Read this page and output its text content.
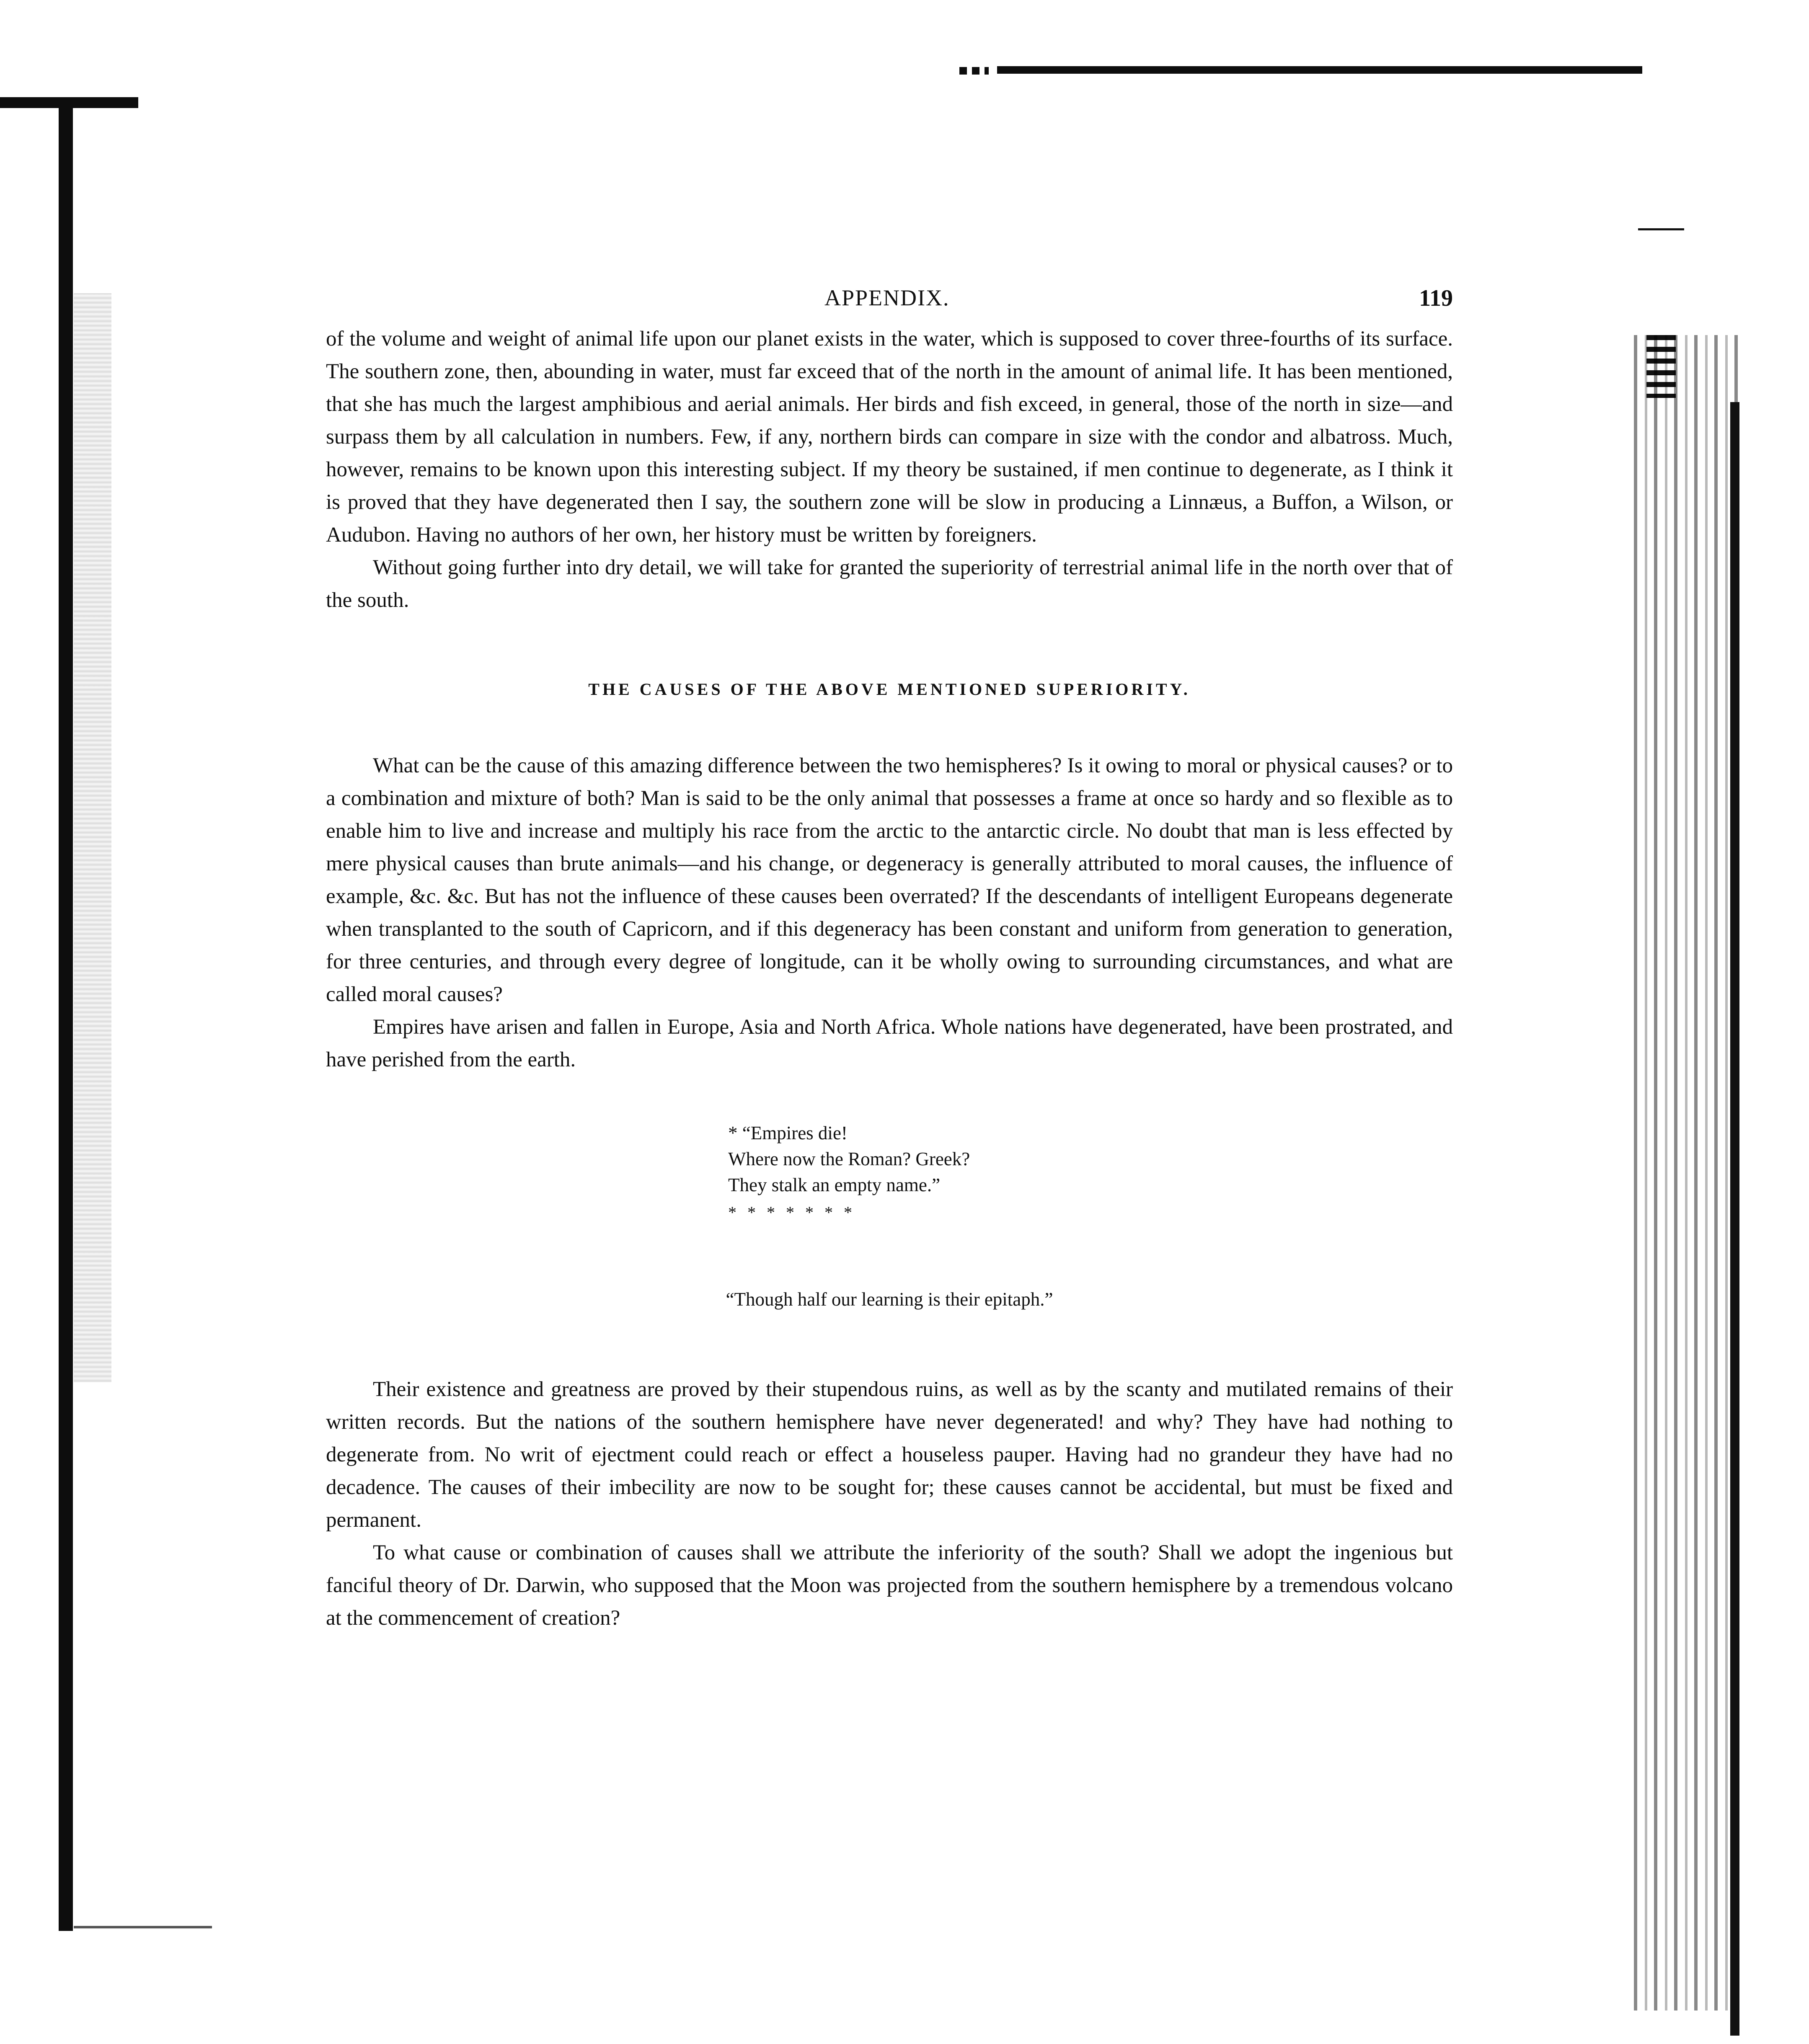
APPENDIX.	119

of the volume and weight of animal life upon our planet exists in the water, which is supposed to cover three-fourths of its surface. The southern zone, then, abounding in water, must far exceed that of the north in the amount of animal life. It has been mentioned, that she has much the largest amphibious and aerial animals. Her birds and fish exceed, in general, those of the north in size—and surpass them by all calculation in numbers. Few, if any, northern birds can compare in size with the condor and albatross. Much, however, remains to be known upon this interesting subject. If my theory be sustained, if men continue to degenerate, as I think it is proved that they have degenerated then I say, the southern zone will be slow in producing a Linnæus, a Buffon, a Wilson, or Audubon. Having no authors of her own, her history must be written by foreigners.

Without going further into dry detail, we will take for granted the superiority of terrestrial animal life in the north over that of the south.

THE CAUSES OF THE ABOVE MENTIONED SUPERIORITY.

What can be the cause of this amazing difference between the two hemispheres? Is it owing to moral or physical causes? or to a combination and mixture of both? Man is said to be the only animal that possesses a frame at once so hardy and so flexible as to enable him to live and increase and multiply his race from the arctic to the antarctic circle. No doubt that man is less effected by mere physical causes than brute animals—and his change, or degeneracy is generally attributed to moral causes, the influence of example, &c. &c. But has not the influence of these causes been overrated? If the descendants of intelligent Europeans degenerate when transplanted to the south of Capricorn, and if this degeneracy has been constant and uniform from generation to generation, for three centuries, and through every degree of longitude, can it be wholly owing to surrounding circumstances, and what are called moral causes?

Empires have arisen and fallen in Europe, Asia and North Africa. Whole nations have degenerated, have been prostrated, and have perished from the earth.

* “Empires die!
Where now the Roman? Greek?
They stalk an empty name.”
* * * * * * *
“Though half our learning is their epitaph.”

Their existence and greatness are proved by their stupendous ruins, as well as by the scanty and mutilated remains of their written records. But the nations of the southern hemisphere have never degenerated! and why? They have had nothing to degenerate from. No writ of ejectment could reach or effect a houseless pauper. Having had no grandeur they have had no decadence. The causes of their imbecility are now to be sought for; these causes cannot be accidental, but must be fixed and permanent.

To what cause or combination of causes shall we attribute the inferiority of the south? Shall we adopt the ingenious but fanciful theory of Dr. Darwin, who supposed that the Moon was projected from the southern hemisphere by a tremendous volcano at the commencement of creation?
